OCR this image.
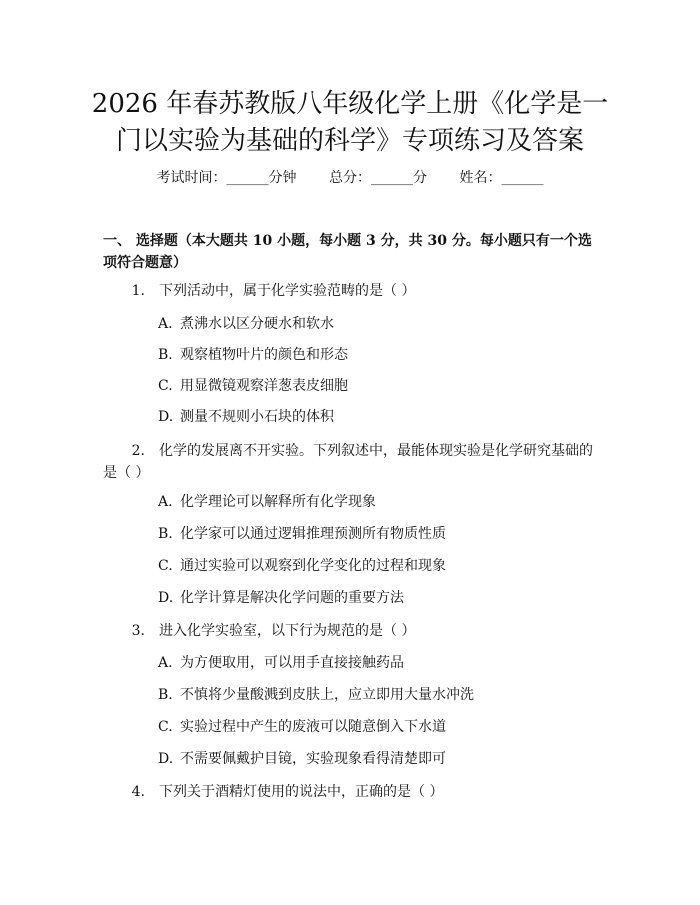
2026 年春苏教版八年级化学上册《化学是一
门以实验为基础的科学》专项练习及答案
考试时间：______分钟 总分：______分 姓名：______

一、 选择题（本大题共 10 小题，每小题 3 分，共 30 分。每小题只有一个选项符合题意）

1. 下列活动中，属于化学实验范畴的是（ ）
A. 煮沸水以区分硬水和软水
B. 观察植物叶片的颜色和形态
C. 用显微镜观察洋葱表皮细胞
D. 测量不规则小石块的体积
2. 化学的发展离不开实验。下列叙述中，最能体现实验是化学研究基础的是（ ）
A. 化学理论可以解释所有化学现象
B. 化学家可以通过逻辑推理预测所有物质性质
C. 通过实验可以观察到化学变化的过程和现象
D. 化学计算是解决化学问题的重要方法
3. 进入化学实验室，以下行为规范的是（ ）
A. 为方便取用，可以用手直接接触药品
B. 不慎将少量酸溅到皮肤上，应立即用大量水冲洗
C. 实验过程中产生的废液可以随意倒入下水道
D. 不需要佩戴护目镜，实验现象看得清楚即可
4. 下列关于酒精灯使用的说法中，正确的是（ ）
